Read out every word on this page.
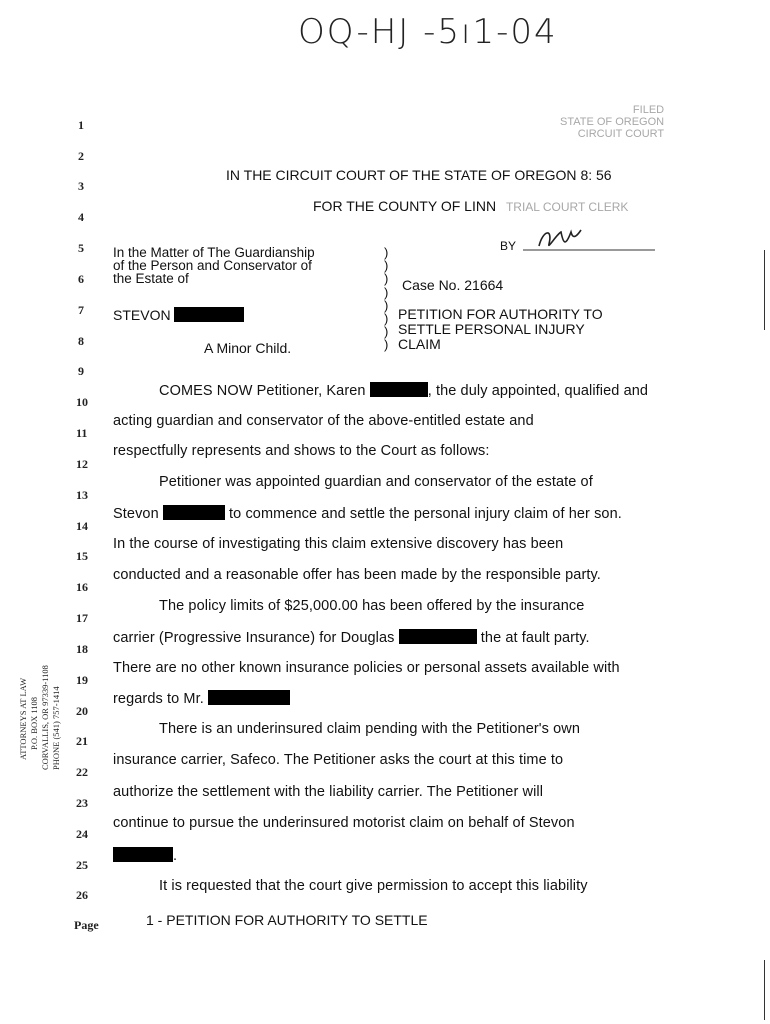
OQ-HJ -5ı1-04
FILED
STATE OF OREGON
CIRCUIT COURT
1
2
3
4
5
6
7
8
9
10
11
12
13
14
15
16
17
18
19
20
21
22
23
24
25
26
Page
IN THE CIRCUIT COURT OF THE STATE OF OREGON 8: 56
FOR THE COUNTY OF LINN TRIAL COURT CLERK
BY
In the Matter of The Guardianship
of the Person and Conservator of
the Estate of
STEVON
A Minor Child.
)
)
)
)
)
)
)
)
Case No. 21664
PETITION FOR AUTHORITY TO
SETTLE PERSONAL INJURY
CLAIM
COMES NOW Petitioner, Karen	, the duly appointed, qualified and
acting guardian and conservator of the above-entitled estate and
respectfully represents and shows to the Court as follows:
Petitioner was appointed guardian and conservator of the estate of
Stevon	to commence and settle the personal injury claim of her son.
In the course of investigating this claim extensive discovery has been
conducted and a reasonable offer has been made by the responsible party.
The policy limits of $25,000.00 has been offered by the insurance
carrier (Progressive Insurance) for Douglas	the at fault party.
There are no other known insurance policies or personal assets available with
regards to Mr.
There is an underinsured claim pending with the Petitioner's own
insurance carrier, Safeco. The Petitioner asks the court at this time to
authorize the settlement with the liability carrier. The Petitioner will
continue to pursue the underinsured motorist claim on behalf of Stevon
.
It is requested that the court give permission to accept this liability
1 - PETITION FOR AUTHORITY TO SETTLE
ATTORNEYS AT LAW P.O. BOX 1108 CORVALLIS, OR 97339-1108 PHONE (541) 757-1414
